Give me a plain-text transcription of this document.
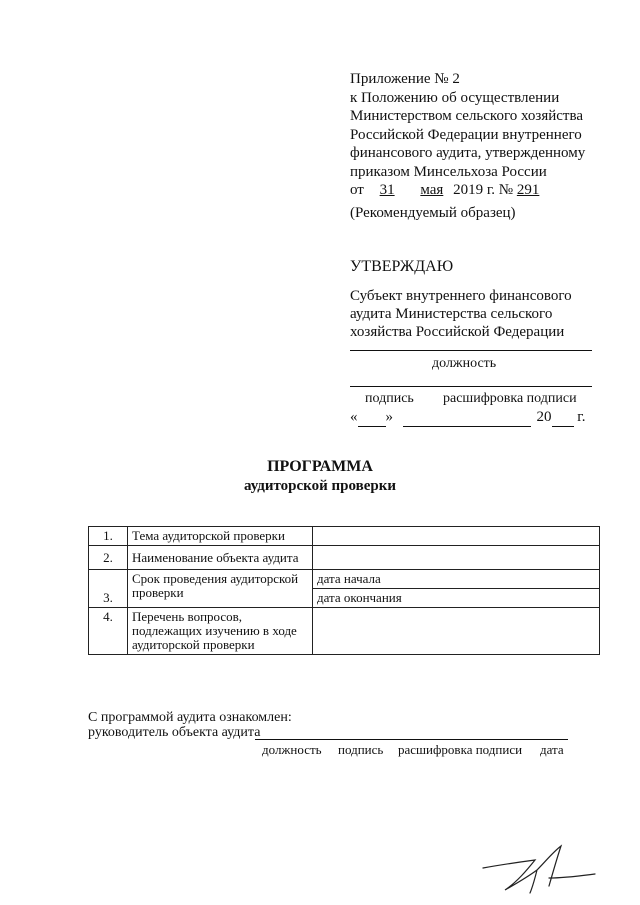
Приложение № 2
к Положению об осуществлении
Министерством сельского хозяйства
Российской Федерации внутреннего
финансового аудита, утвержденному
приказом Минсельхоза России
от 31 мая 2019 г. № 291
(Рекомендуемый образец)
УТВЕРЖДАЮ
Субъект внутреннего финансового
аудита Министерства сельского
хозяйства Российской Федерации
должность
подпись расшифровка подписи
« »	20 г.
ПРОГРАММА
аудиторской проверки
1.	Тема аудиторской проверки	
2.	Наименование объекта аудита	
3.	Срок проведения аудиторской проверки	дата начала
		дата окончания
4.	Перечень вопросов, подлежащих изучению в ходе аудиторской проверки	
С программой аудита ознакомлен:
руководитель объекта аудита
должность подпись расшифровка подписи дата
